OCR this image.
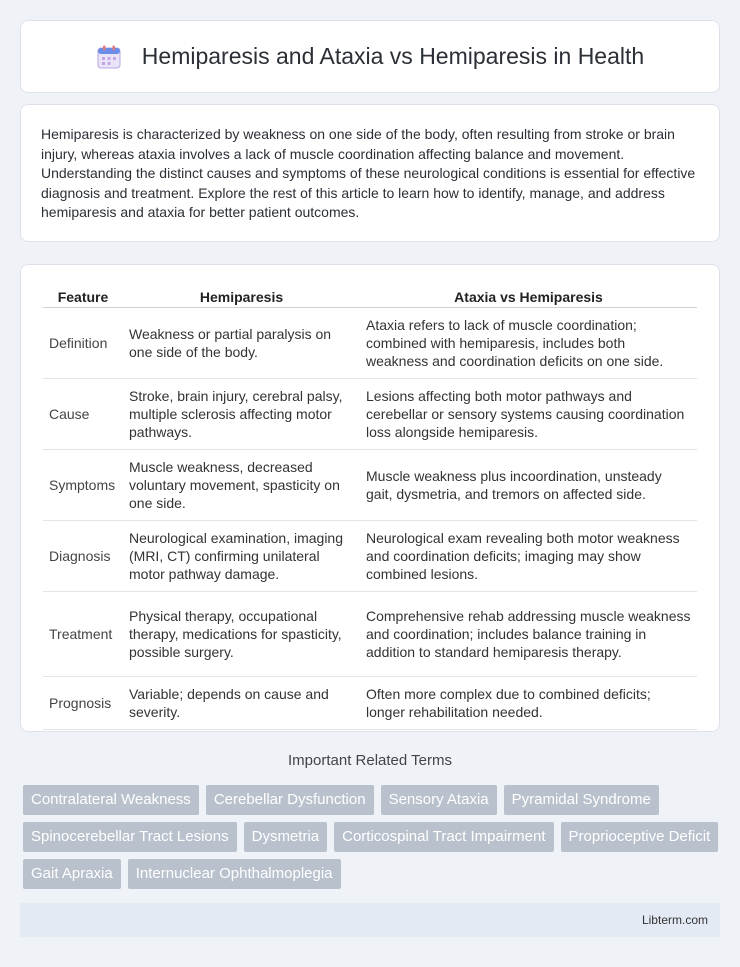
Hemiparesis and Ataxia vs Hemiparesis in Health

Hemiparesis is characterized by weakness on one side of the body, often resulting from stroke or brain injury, whereas ataxia involves a lack of muscle coordination affecting balance and movement. Understanding the distinct causes and symptoms of these neurological conditions is essential for effective diagnosis and treatment. Explore the rest of this article to learn how to identify, manage, and address hemiparesis and ataxia for better patient outcomes.

Feature	Hemiparesis	Ataxia vs Hemiparesis
Definition	Weakness or partial paralysis on one side of the body.	Ataxia refers to lack of muscle coordination; combined with hemiparesis, includes both weakness and coordination deficits on one side.
Cause	Stroke, brain injury, cerebral palsy, multiple sclerosis affecting motor pathways.	Lesions affecting both motor pathways and cerebellar or sensory systems causing coordination loss alongside hemiparesis.
Symptoms	Muscle weakness, decreased voluntary movement, spasticity on one side.	Muscle weakness plus incoordination, unsteady gait, dysmetria, and tremors on affected side.
Diagnosis	Neurological examination, imaging (MRI, CT) confirming unilateral motor pathway damage.	Neurological exam revealing both motor weakness and coordination deficits; imaging may show combined lesions.
Treatment	Physical therapy, occupational therapy, medications for spasticity, possible surgery.	Comprehensive rehab addressing muscle weakness and coordination; includes balance training in addition to standard hemiparesis therapy.
Prognosis	Variable; depends on cause and severity.	Often more complex due to combined deficits; longer rehabilitation needed.
Important Related Terms
Contralateral Weakness	Cerebellar Dysfunction	Sensory Ataxia	Pyramidal Syndrome
Spinocerebellar Tract Lesions	Dysmetria	Corticospinal Tract Impairment	Proprioceptive Deficit
Gait Apraxia	Internuclear Ophthalmoplegia
Libterm.com
